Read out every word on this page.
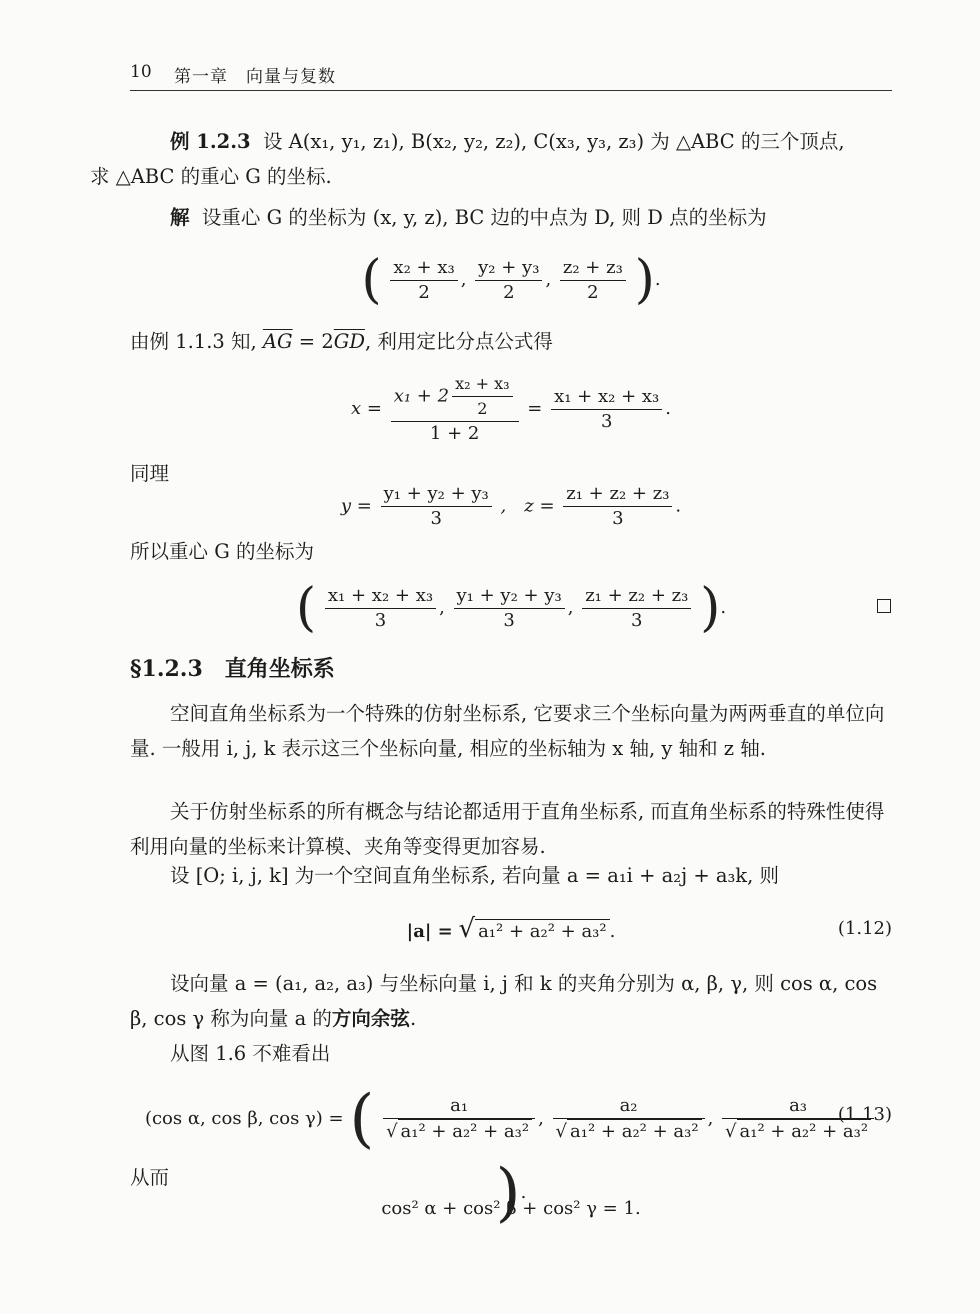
10 第一章　向量与复数
例 1.2.3 设 A(x₁, y₁, z₁), B(x₂, y₂, z₂), C(x₃, y₃, z₃) 为 △ABC 的三个顶点,
求 △ABC 的重心 G 的坐标.
解 设重心 G 的坐标为 (x, y, z), BC 边的中点为 D, 则 D 点的坐标为
( $\frac{\text{x₂ + x₃}}{2}$ , $\frac{\text{y₂ + y₃}}{2}$ , $\frac{\text{z₂ + z₃}}{2}$ ).
由例 1.1.3 知, $\overline{AG} = 2\overline{GD}$, 利用定比分点公式得
$x = \frac{x_1 + 2 \frac{\text{x₂ + x₃}}{2}}{1 + 2} = \frac{\text{x₁ + x₂ + x₃}}{3}$ .
同理
$y = \frac{\text{y₁ + y₂ + y₃}}{3}$ ,　$z = \frac{\text{z₁ + z₂ + z₃}}{3}$ .
所以重心 G 的坐标为
( $\frac{\text{x₁ + x₂ + x₃}}{3}$ , $\frac{\text{y₁ + y₂ + y₃}}{3}$ , $\frac{\text{z₁ + z₂ + z₃}}{3}$ ).
§1.2.3　直角坐标系
空间直角坐标系为一个特殊的仿射坐标系, 它要求三个坐标向量为两两垂直的单位向量. 一般用 i, j, k 表示这三个坐标向量, 相应的坐标轴为 x 轴, y 轴和 z 轴.
关于仿射坐标系的所有概念与结论都适用于直角坐标系, 而直角坐标系的特殊性使得利用向量的坐标来计算模、夹角等变得更加容易.
设 [O; i, j, k] 为一个空间直角坐标系, 若向量 a = a₁i + a₂j + a₃k, 则
|a| = √ a₁² + a₂² + a₃² .	(1.12)
设向量 a = (a₁, a₂, a₃) 与坐标向量 i, j 和 k 的夹角分别为 α, β, γ, 则 cos α, cos β, cos γ 称为向量 a 的方向余弦.
从图 1.6 不难看出
(cos α, cos β, cos γ) = ( $\frac{\text{a₁}}{\text{√ a₁² + a₂² + a₃²}}$ , $\frac{\text{a₂}}{\text{√ a₁² + a₂² + a₃²}}$ , $\frac{\text{a₃}}{\text{√ a₁² + a₂² + a₃²}}$
).
(1.13)
从而
cos² α + cos² β + cos² γ = 1.
